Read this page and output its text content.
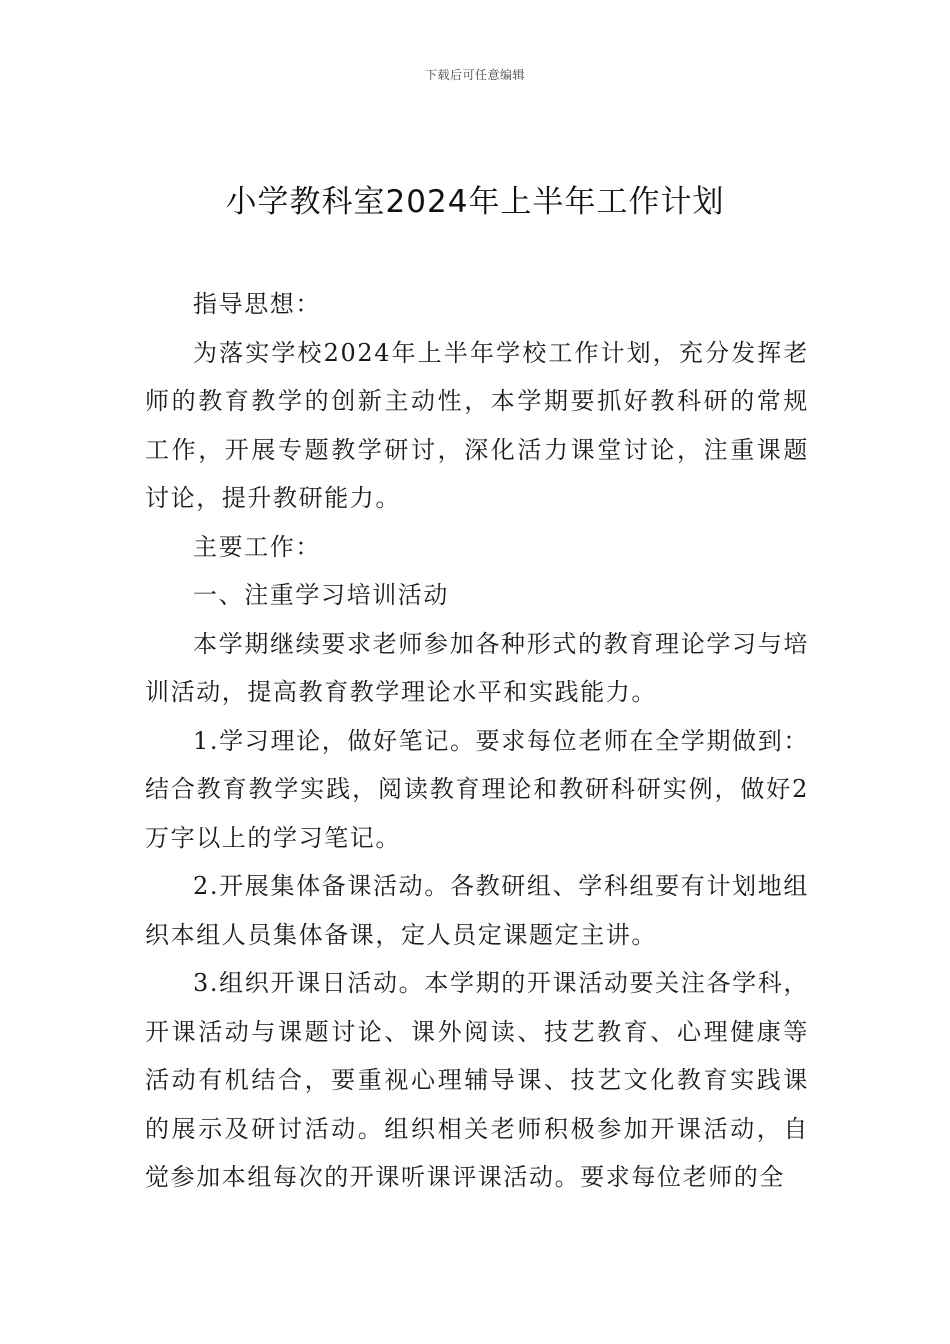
下载后可任意编辑
小学教科室2024年上半年工作计划

指导思想：

为落实学校2024年上半年学校工作计划，充分发挥老师的教育教学的创新主动性，本学期要抓好教科研的常规工作，开展专题教学研讨，深化活力课堂讨论，注重课题讨论，提升教研能力。

主要工作：

一、注重学习培训活动

本学期继续要求老师参加各种形式的教育理论学习与培训活动，提高教育教学理论水平和实践能力。

1.学习理论，做好笔记。要求每位老师在全学期做到：结合教育教学实践，阅读教育理论和教研科研实例，做好2万字以上的学习笔记。

2.开展集体备课活动。各教研组、学科组要有计划地组织本组人员集体备课，定人员定课题定主讲。

3.组织开课日活动。本学期的开课活动要关注各学科，开课活动与课题讨论、课外阅读、技艺教育、心理健康等活动有机结合，要重视心理辅导课、技艺文化教育实践课的展示及研讨活动。组织相关老师积极参加开课活动，自觉参加本组每次的开课听课评课活动。要求每位老师的全
